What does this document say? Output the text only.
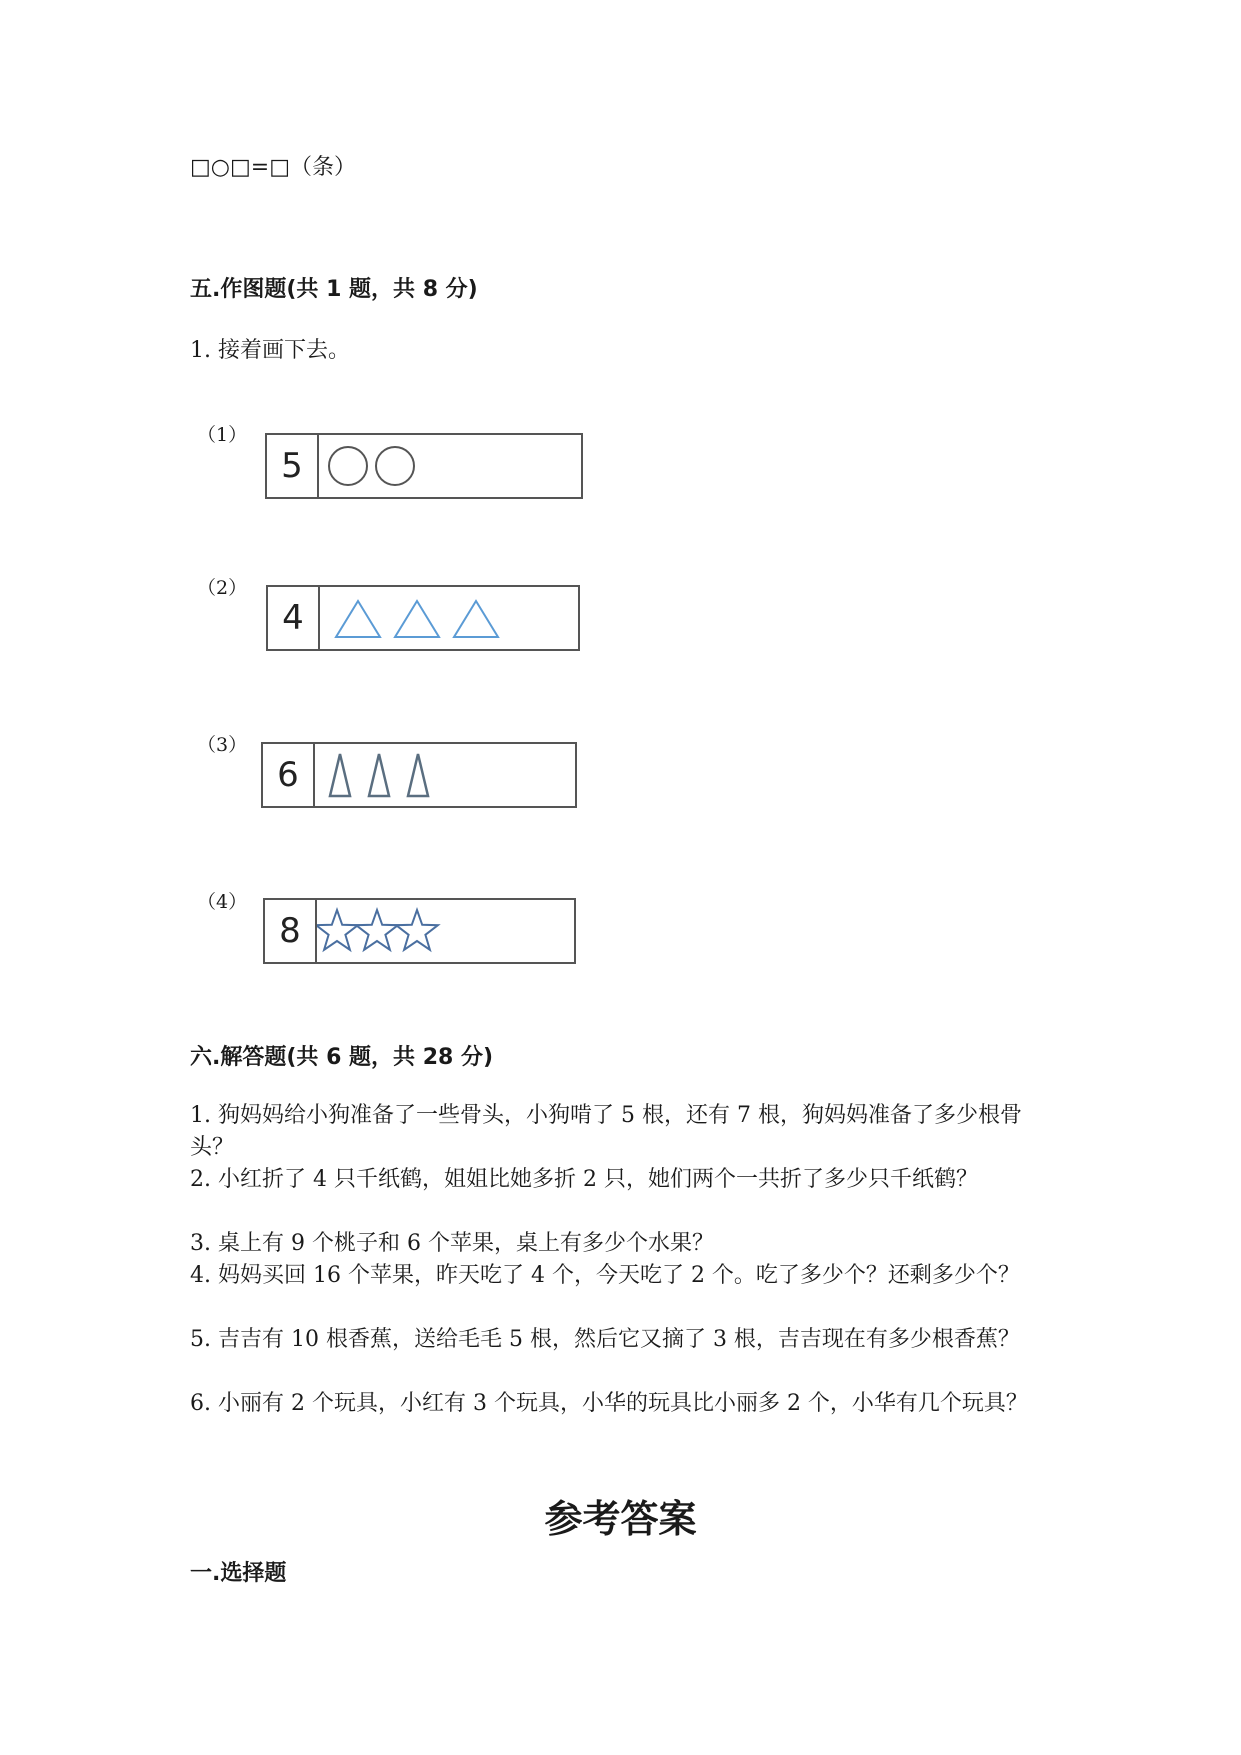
□○□=□（条）
五.作图题(共 1 题，共 8 分)
1. 接着画下去。
（1）
5
（2）
4
（3）
6
（4）
8
六.解答题(共 6 题，共 28 分)
1. 狗妈妈给小狗准备了一些骨头，小狗啃了 5 根，还有 7 根，狗妈妈准备了多少根骨头？
2. 小红折了 4 只千纸鹤，姐姐比她多折 2 只，她们两个一共折了多少只千纸鹤？
3. 桌上有 9 个桃子和 6 个苹果，桌上有多少个水果？
4. 妈妈买回 16 个苹果，昨天吃了 4 个，今天吃了 2 个。吃了多少个？还剩多少个？
5. 吉吉有 10 根香蕉，送给毛毛 5 根，然后它又摘了 3 根，吉吉现在有多少根香蕉？
6. 小丽有 2 个玩具，小红有 3 个玩具，小华的玩具比小丽多 2 个，小华有几个玩具？
参考答案
一.选择题
